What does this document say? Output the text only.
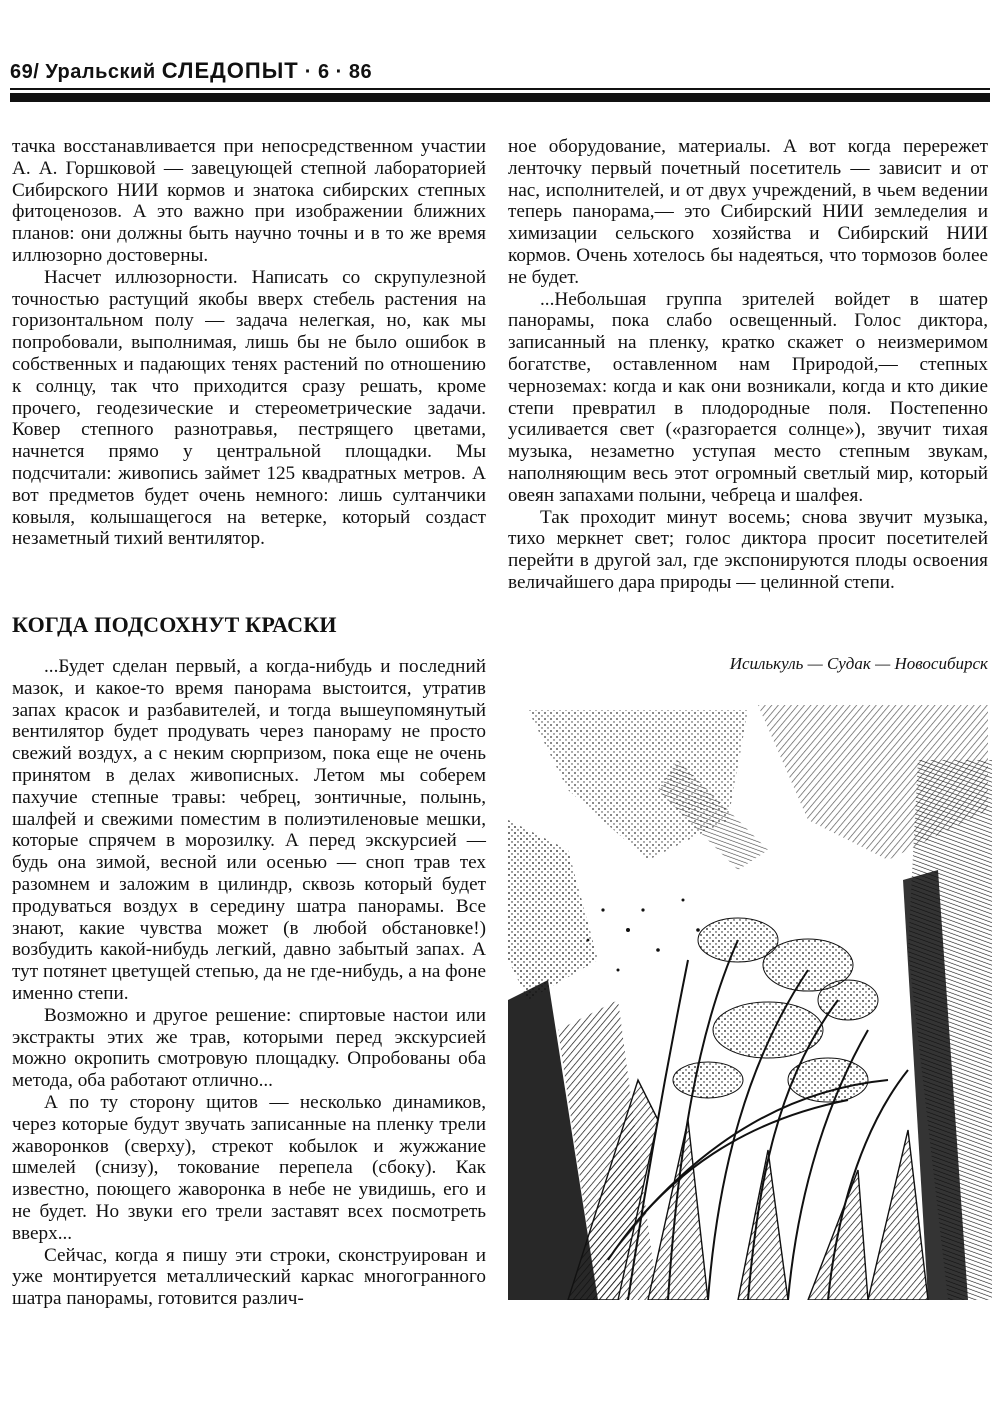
69/ Уральский СЛЕДОПЫТ · 6 · 86

тачка восстанавливается при непосредственном участии А. А. Горшковой — завецующей степной лабораторией Сибирского НИИ кормов и знатока сибирских степных фитоценозов. А это важно при изображении ближних планов: они должны быть научно точны и в то же время иллюзорно достоверны.

Насчет иллюзорности. Написать со скрупулезной точностью растущий якобы вверх стебель растения на горизонтальном полу — задача нелегкая, но, как мы попробовали, выполнимая, лишь бы не было ошибок в собственных и падающих тенях растений по отношению к солнцу, так что приходится сразу решать, кроме прочего, геодезические и стереометрические задачи. Ковер степного разнотравья, пестрящего цветами, начнется прямо у центральной площадки. Мы подсчитали: живопись займет 125 квадратных метров. А вот предметов будет очень немного: лишь султанчики ковыля, колышащегося на ветерке, который создаст незаметный тихий вентилятор.

КОГДА ПОДСОХНУТ КРАСКИ

...Будет сделан первый, а когда-нибудь и последний мазок, и какое-то время панорама выстоится, утратив запах красок и разбавителей, и тогда вышеупомянутый вентилятор будет продувать через панораму не просто свежий воздух, а с неким сюрпризом, пока еще не очень принятом в делах живописных. Летом мы соберем пахучие степные травы: чебрец, зонтичные, полынь, шалфей и свежими поместим в полиэтиленовые мешки, которые спрячем в морозилку. А перед экскурсией — будь она зимой, весной или осенью — сноп трав тех разомнем и заложим в цилиндр, сквозь который будет продуваться воздух в середину шатра панорамы. Все знают, какие чувства может (в любой обстановке!) возбудить какой-нибудь легкий, давно забытый запах. А тут потянет цветущей степью, да не где-нибудь, а на фоне именно степи.

Возможно и другое решение: спиртовые настои или экстракты этих же трав, которыми перед экскурсией можно окропить смотровую площадку. Опробованы оба метода, оба работают отлично...

А по ту сторону щитов — несколько динамиков, через которые будут звучать записанные на пленку трели жаворонков (сверху), стрекот кобылок и жужжание шмелей (снизу), токование перепела (сбоку). Как известно, поющего жаворонка в небе не увидишь, его и не будет. Но звуки его трели заставят всех посмотреть вверх...

Сейчас, когда я пишу эти строки, сконструирован и уже монтируется металлический каркас многогранного шатра панорамы, готовится различ-

ное оборудование, материалы. А вот когда перережет ленточку первый почетный посетитель — зависит и от нас, исполнителей, и от двух учреждений, в чьем ведении теперь панорама,— это Сибирский НИИ земледелия и химизации сельского хозяйства и Сибирский НИИ кормов. Очень хотелось бы надеяться, что тормозов более не будет.

...Небольшая группа зрителей войдет в шатер панорамы, пока слабо освещенный. Голос диктора, записанный на пленку, кратко скажет о неизмеримом богатстве, оставленном нам Природой,— степных черноземах: когда и как они возникали, когда и кто дикие степи превратил в плодородные поля. Постепенно усиливается свет («разгорается солнце»), звучит тихая музыка, незаметно уступая место степным звукам, наполняющим весь этот огромный светлый мир, который овеян запахами полыни, чебреца и шалфея.

Так проходит минут восемь; снова звучит музыка, тихо меркнет свет; голос диктора просит посетителей перейти в другой зал, где экспонируются плоды освоения величайшего дара природы — целинной степи.

Исилькуль — Судак — Новосибирск
